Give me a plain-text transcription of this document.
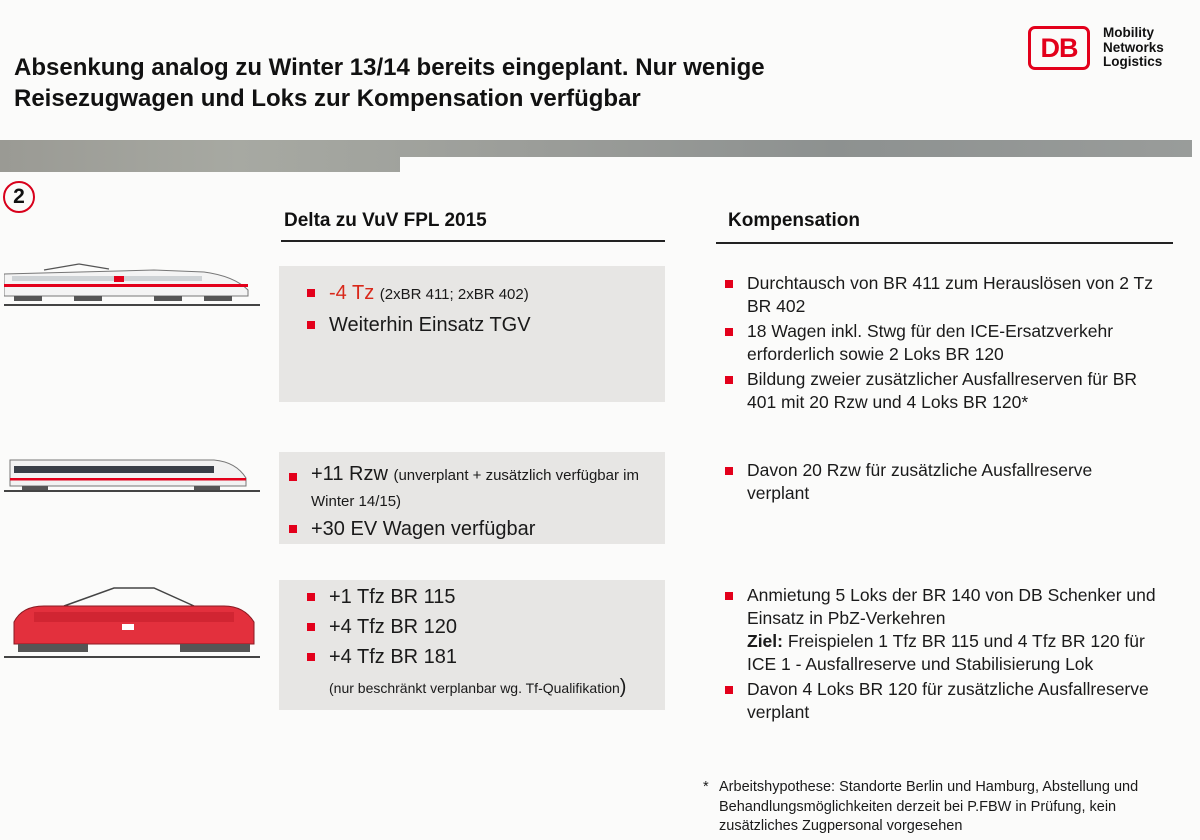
Absenkung analog zu Winter 13/14 bereits eingeplant. Nur wenige Reisezugwagen und Loks zur Kompensation verfügbar
DB Mobility
Networks
Logistics
2
Delta zu VuV FPL 2015	Kompensation
-4 Tz (2xBR 411; 2xBR 402)
Weiterhin Einsatz TGV
+11 Rzw (unverplant + zusätzlich verfügbar im Winter 14/15)
+30 EV Wagen verfügbar
+1 Tfz BR 115
+4 Tfz BR 120
+4 Tfz BR 181
(nur beschränkt verplanbar wg. Tf-Qualifikation)
Durchtausch von BR 411 zum Herauslösen von 2 Tz BR 402
18 Wagen inkl. Stwg für den ICE-Ersatzverkehr erforderlich sowie 2 Loks BR 120
Bildung zweier zusätzlicher Ausfallreserven für BR 401 mit 20 Rzw und 4 Loks BR 120*
Davon 20 Rzw für zusätzliche Ausfallreserve verplant
Anmietung 5 Loks der BR 140 von DB Schenker und Einsatz in PbZ-Verkehren
Ziel: Freispielen 1 Tfz BR 115 und 4 Tfz BR 120 für ICE 1 - Ausfallreserve und Stabilisierung Lok
Davon 4 Loks BR 120 für zusätzliche Ausfallreserve verplant
* Arbeitshypothese: Standorte Berlin und Hamburg, Abstellung und Behandlungsmöglichkeiten derzeit bei P.FBW in Prüfung, kein zusätzliches Zugpersonal vorgesehen
